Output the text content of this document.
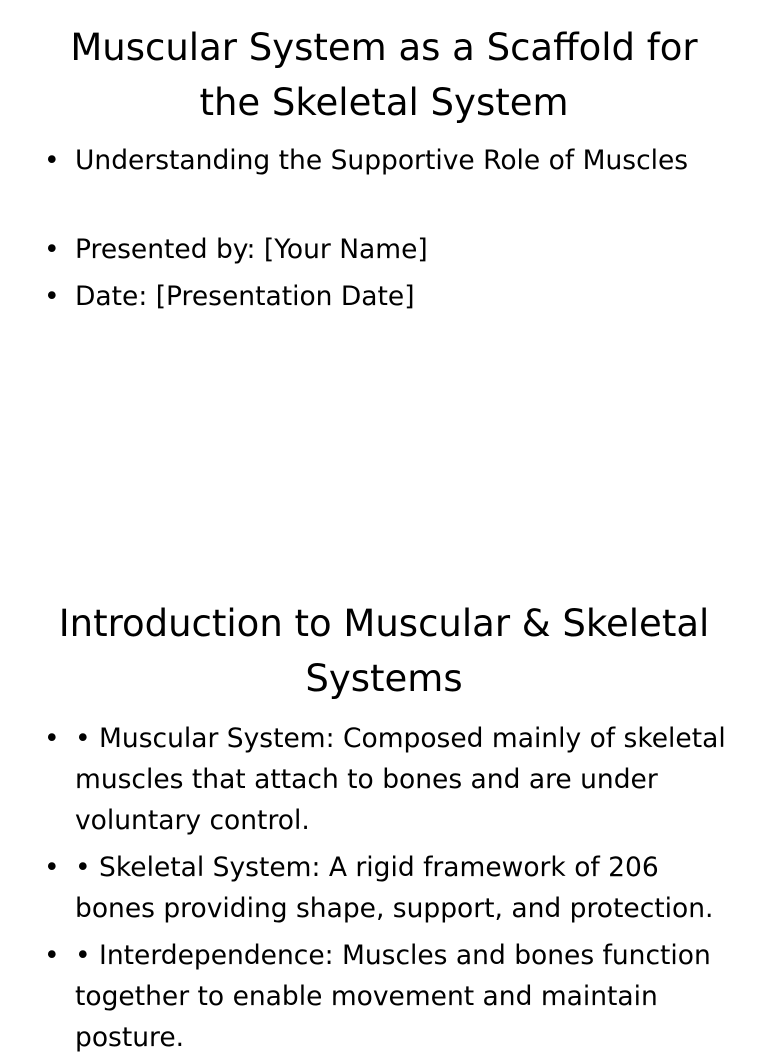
Muscular System as a Scaffold for the Skeletal System
• Understanding the Supportive Role of Muscles
• Presented by: [Your Name]
• Date: [Presentation Date]
Introduction to Muscular & Skeletal Systems
• • Muscular System: Composed mainly of skeletal muscles that attach to bones and are under voluntary control.
• • Skeletal System: A rigid framework of 206 bones providing shape, support, and protection.
• • Interdependence: Muscles and bones function together to enable movement and maintain posture.
